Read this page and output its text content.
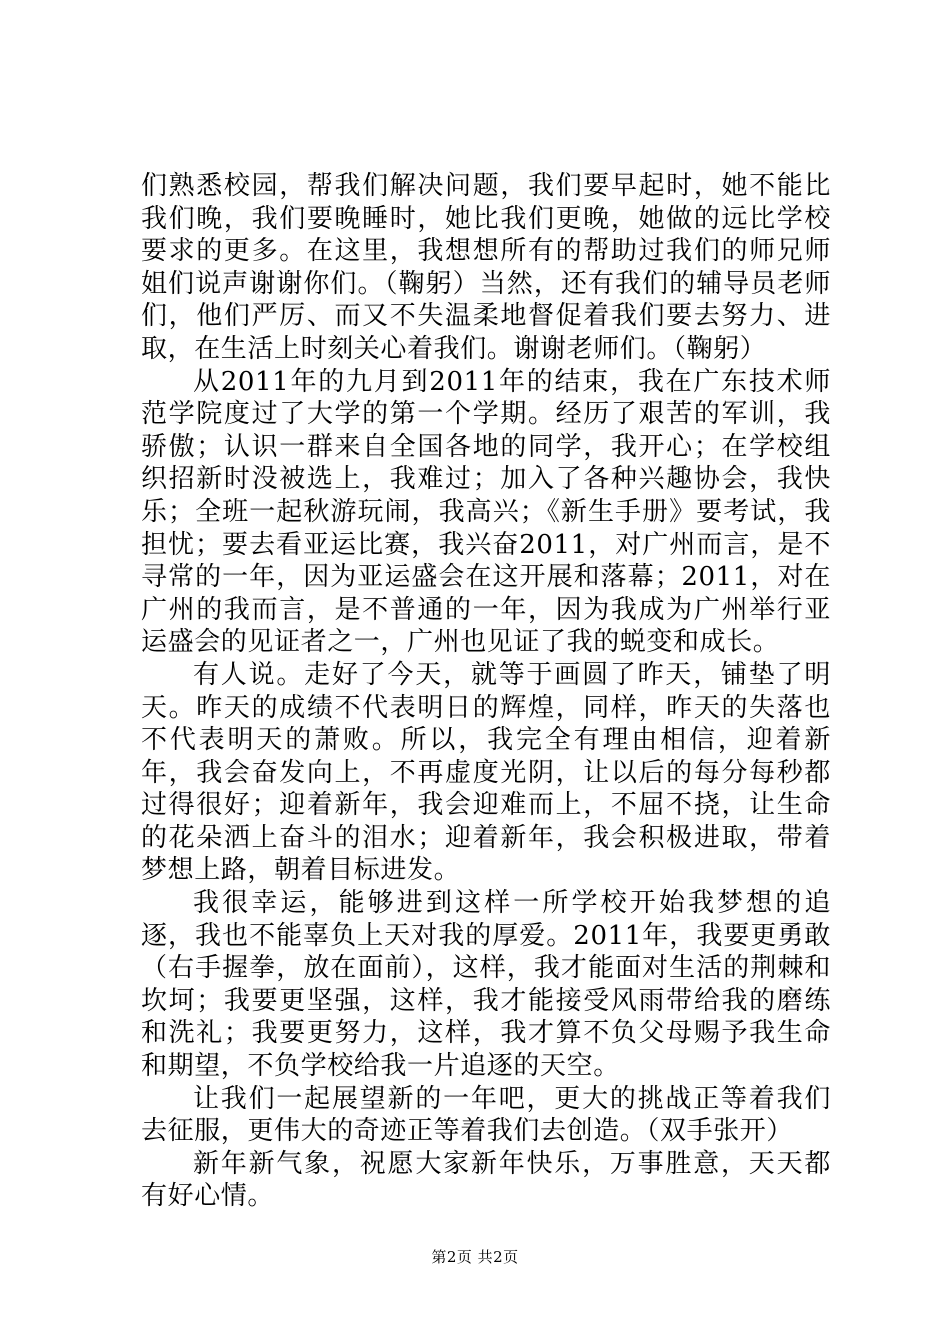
们熟悉校园，帮我们解决问题，我们要早起时，她不能比我们晚，我们要晚睡时，她比我们更晚，她做的远比学校要求的更多。在这里，我想想所有的帮助过我们的师兄师姐们说声谢谢你们。（鞠躬）当然，还有我们的辅导员老师们，他们严厉、而又不失温柔地督促着我们要去努力、进取，在生活上时刻关心着我们。谢谢老师们。（鞠躬）

从2011年的九月到2011年的结束，我在广东技术师范学院度过了大学的第一个学期。经历了艰苦的军训，我骄傲；认识一群来自全国各地的同学，我开心；在学校组织招新时没被选上，我难过；加入了各种兴趣协会，我快乐；全班一起秋游玩闹，我高兴；《新生手册》要考试，我担忧；要去看亚运比赛，我兴奋2011，对广州而言，是不寻常的一年，因为亚运盛会在这开展和落幕；2011，对在广州的我而言，是不普通的一年，因为我成为广州举行亚运盛会的见证者之一，广州也见证了我的蜕变和成长。

有人说。走好了今天，就等于画圆了昨天，铺垫了明天。昨天的成绩不代表明日的辉煌，同样，昨天的失落也不代表明天的萧败。所以，我完全有理由相信，迎着新年，我会奋发向上，不再虚度光阴，让以后的每分每秒都过得很好；迎着新年，我会迎难而上，不屈不挠，让生命的花朵洒上奋斗的泪水；迎着新年，我会积极进取，带着梦想上路，朝着目标进发。

我很幸运，能够进到这样一所学校开始我梦想的追逐，我也不能辜负上天对我的厚爱。2011年，我要更勇敢（右手握拳，放在面前），这样，我才能面对生活的荆棘和坎坷；我要更坚强，这样，我才能接受风雨带给我的磨练和洗礼；我要更努力，这样，我才算不负父母赐予我生命和期望，不负学校给我一片追逐的天空。

让我们一起展望新的一年吧，更大的挑战正等着我们去征服，更伟大的奇迹正等着我们去创造。（双手张开）

新年新气象，祝愿大家新年快乐，万事胜意，天天都有好心情。

第2页 共2页
